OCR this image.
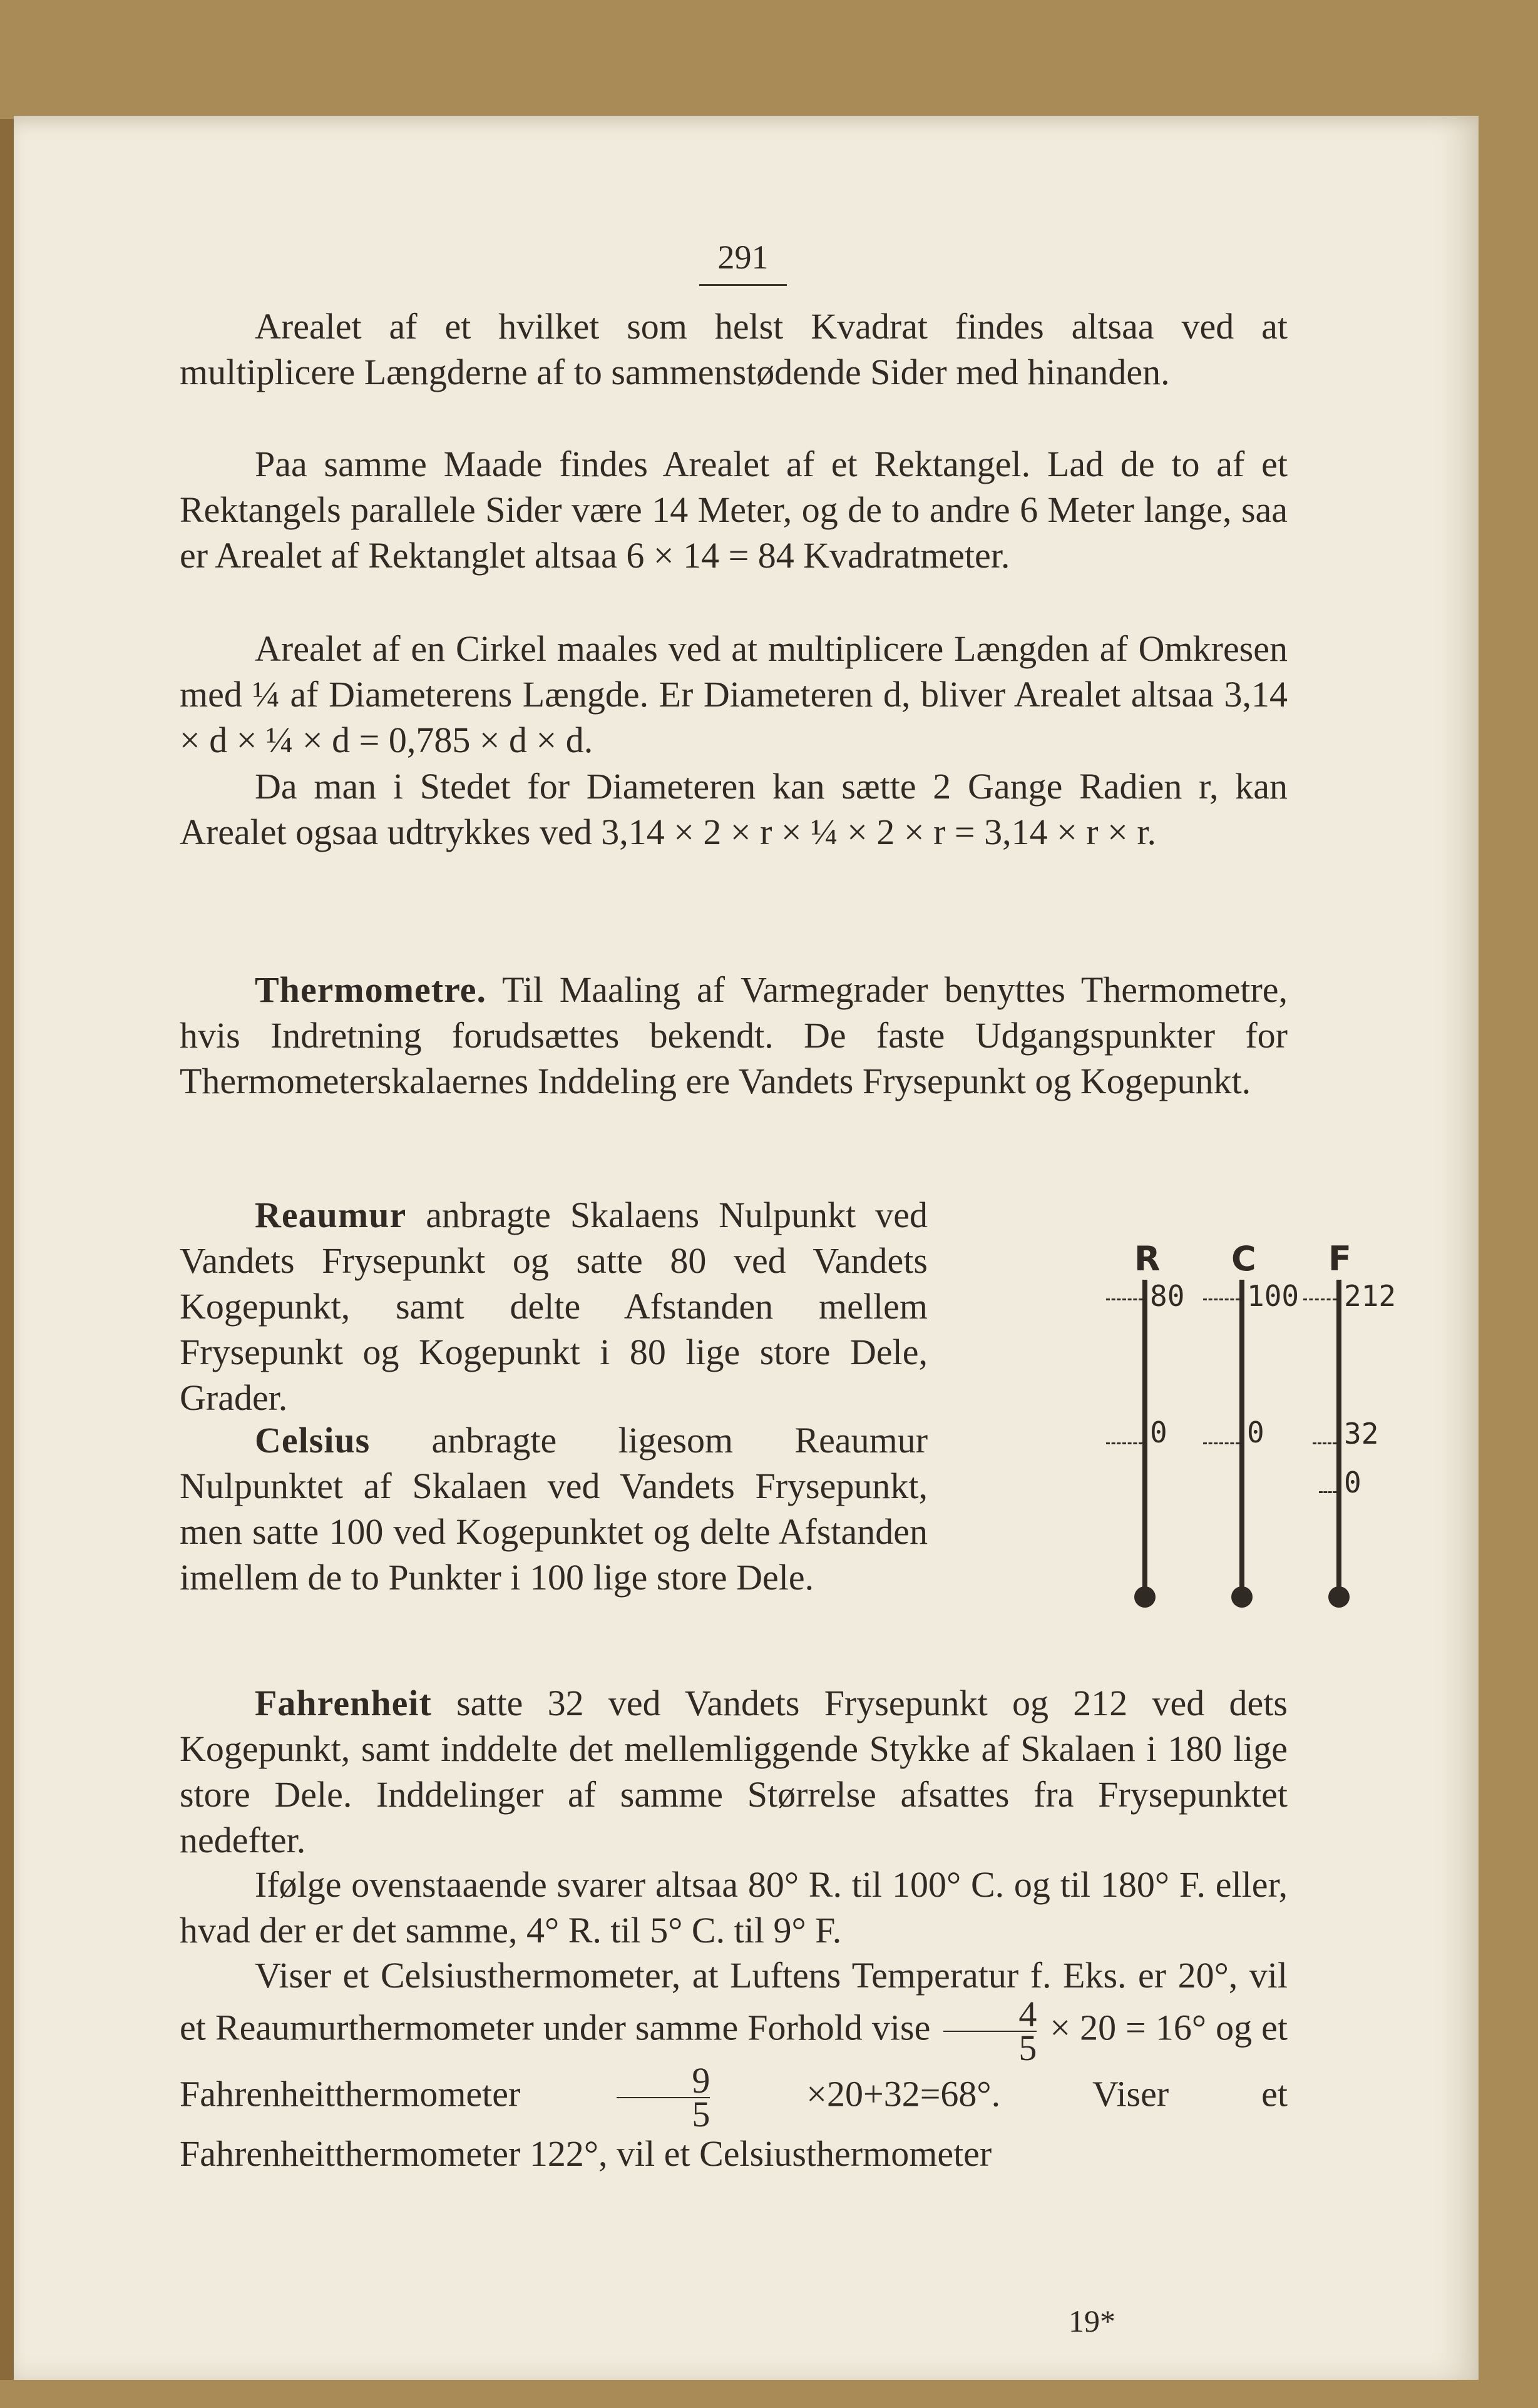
291

Arealet af et hvilket som helst Kvadrat findes altsaa ved at multiplicere Længderne af to sammenstødende Sider med hinanden.

Paa samme Maade findes Arealet af et Rektangel. Lad de to af et Rektangels parallele Sider være 14 Meter, og de to andre 6 Meter lange, saa er Arealet af Rektanglet altsaa 6 × 14 = 84 Kvadratmeter.

Arealet af en Cirkel maales ved at multiplicere Længden af Omkresen med ¼ af Diameterens Længde. Er Diameteren d, bliver Arealet altsaa 3,14 × d × ¼ × d = 0,785 × d × d.

Da man i Stedet for Diameteren kan sætte 2 Gange Radien r, kan Arealet ogsaa udtrykkes ved 3,14 × 2 × r × ¼ × 2 × r = 3,14 × r × r.

Thermometre. Til Maaling af Varmegrader benyttes Thermometre, hvis Indretning forudsættes bekendt. De faste Udgangspunkter for Thermometerskalaernes Inddeling ere Vandets Frysepunkt og Kogepunkt.

Reaumur anbragte Skalaens Nulpunkt ved Vandets Frysepunkt og satte 80 ved Vandets Kogepunkt, samt delte Afstanden mellem Frysepunkt og Kogepunkt i 80 lige store Dele, Grader.

Celsius anbragte ligesom Reaumur Nulpunktet af Skalaen ved Vandets Frysepunkt, men satte 100 ved Kogepunktet og delte Afstanden imellem de to Punkter i 100 lige store Dele.

Fahrenheit satte 32 ved Vandets Frysepunkt og 212 ved dets Kogepunkt, samt inddelte det mellemliggende Stykke af Skalaen i 180 lige store Dele. Inddelinger af samme Størrelse afsattes fra Frysepunktet nedefter.

Ifølge ovenstaaende svarer altsaa 80° R. til 100° C. og til 180° F. eller, hvad der er det samme, 4° R. til 5° C. til 9° F.

Viser et Celsiusthermometer, at Luftens Temperatur f. Eks. er 20°, vil et Reaumurthermometer under samme Forhold vise $\frac{4}{5} \times 20 = 16^\circ$ og et Fahrenheitthermometer	$\frac{9}{5}$	×20+32=68°. Viser et Fahrenheitthermometer 122°, vil et Celsiusthermometer

R C F
80
0
100
0
212
32
0
19*
